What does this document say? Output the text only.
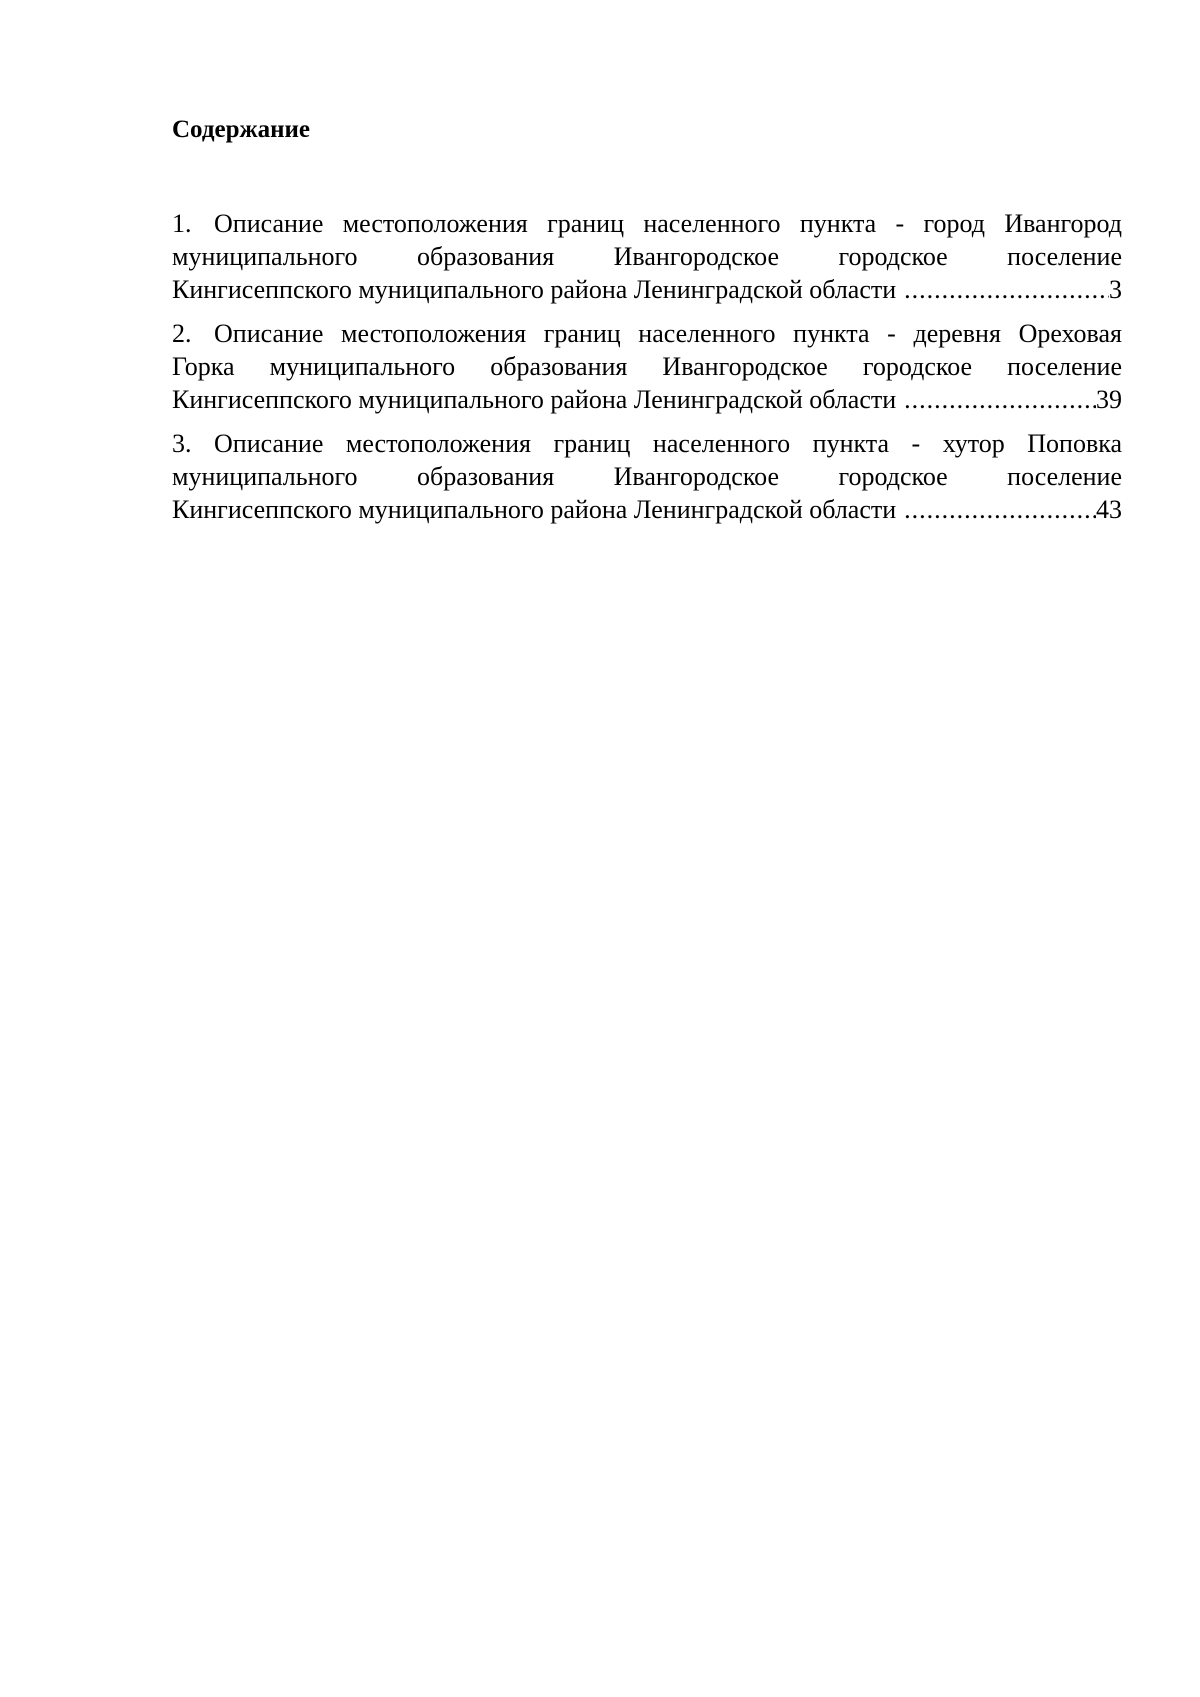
Содержание
1. Описание местоположения границ населенного пункта - город Ивангород
муниципального образования Ивангородское городское поселение
Кингисеппского муниципального района Ленинградской области .....	3
2. Описание местоположения границ населенного пункта - деревня Ореховая
Горка муниципального образования Ивангородское городское поселение
Кингисеппского муниципального района Ленинградской области .....	39
3. Описание местоположения границ населенного пункта - хутор Поповка
муниципального образования Ивангородское городское поселение
Кингисеппского муниципального района Ленинградской области .....	43
